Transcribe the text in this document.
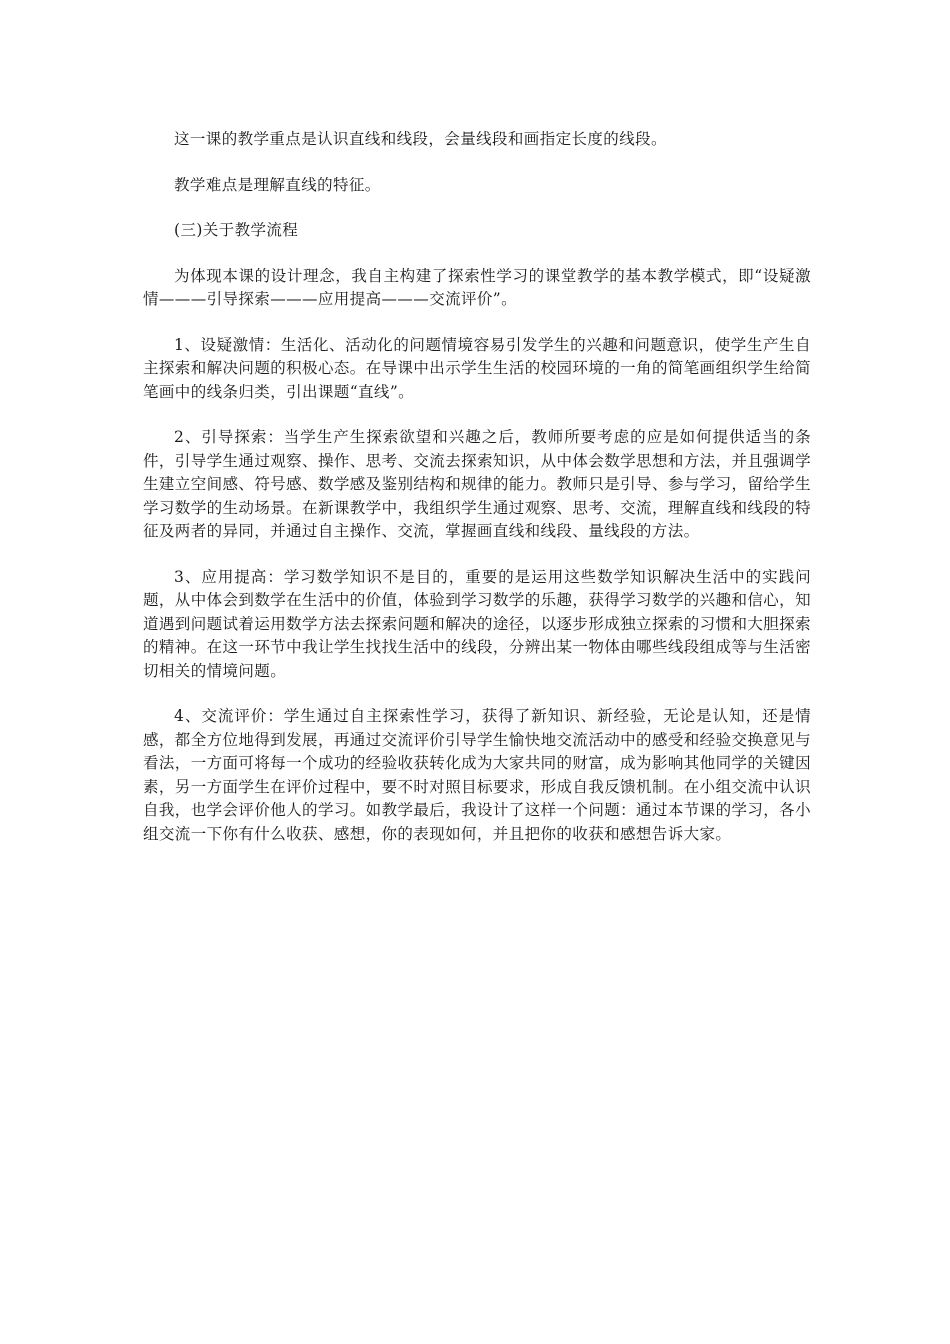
这一课的教学重点是认识直线和线段，会量线段和画指定长度的线段。

教学难点是理解直线的特征。

(三)关于教学流程

为体现本课的设计理念，我自主构建了探索性学习的课堂教学的基本教学模式，即“设疑激情———引导探索———应用提高———交流评价”。

1、设疑激情：生活化、活动化的问题情境容易引发学生的兴趣和问题意识，使学生产生自主探索和解决问题的积极心态。在导课中出示学生生活的校园环境的一角的简笔画组织学生给简笔画中的线条归类，引出课题“直线”。

2、引导探索：当学生产生探索欲望和兴趣之后，教师所要考虑的应是如何提供适当的条件，引导学生通过观察、操作、思考、交流去探索知识，从中体会数学思想和方法，并且强调学生建立空间感、符号感、数学感及鉴别结构和规律的能力。教师只是引导、参与学习，留给学生学习数学的生动场景。在新课教学中，我组织学生通过观察、思考、交流，理解直线和线段的特征及两者的异同，并通过自主操作、交流，掌握画直线和线段、量线段的方法。

3、应用提高：学习数学知识不是目的，重要的是运用这些数学知识解决生活中的实践问题，从中体会到数学在生活中的价值，体验到学习数学的乐趣，获得学习数学的兴趣和信心，知道遇到问题试着运用数学方法去探索问题和解决的途径，以逐步形成独立探索的习惯和大胆探索的精神。在这一环节中我让学生找找生活中的线段，分辨出某一物体由哪些线段组成等与生活密切相关的情境问题。

4、交流评价：学生通过自主探索性学习，获得了新知识、新经验，无论是认知，还是情感，都全方位地得到发展，再通过交流评价引导学生愉快地交流活动中的感受和经验交换意见与看法，一方面可将每一个成功的经验收获转化成为大家共同的财富，成为影响其他同学的关键因素，另一方面学生在评价过程中，要不时对照目标要求，形成自我反馈机制。在小组交流中认识自我，也学会评价他人的学习。如教学最后，我设计了这样一个问题：通过本节课的学习，各小组交流一下你有什么收获、感想，你的表现如何，并且把你的收获和感想告诉大家。
